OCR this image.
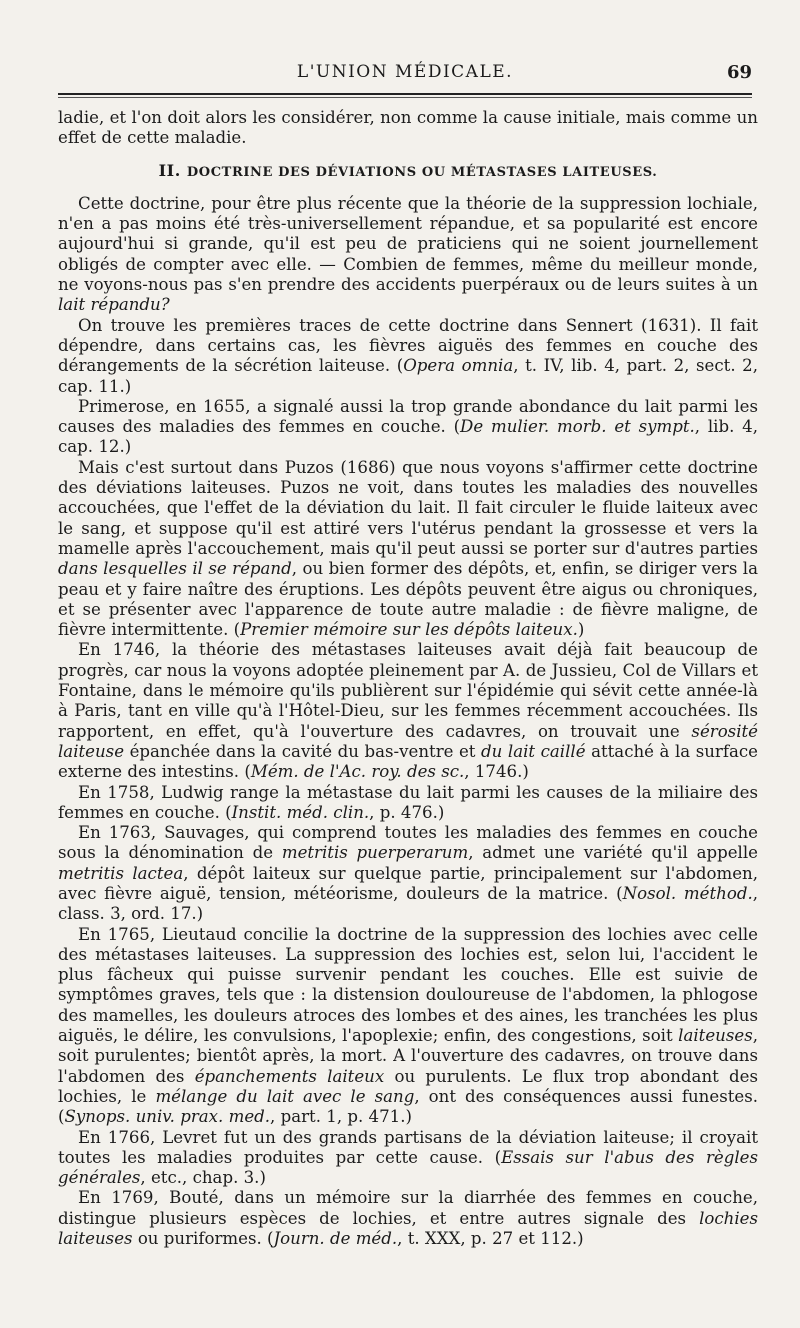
L'UNION MÉDICALE.	69

ladie, et l'on doit alors les considérer, non comme la cause initiale, mais comme un effet de cette maladie.

II. DOCTRINE DES DÉVIATIONS OU MÉTASTASES LAITEUSES.

Cette doctrine, pour être plus récente que la théorie de la suppression lochiale, n'en a pas moins été très-universellement répandue, et sa popularité est encore aujourd'hui si grande, qu'il est peu de praticiens qui ne soient journellement obligés de compter avec elle. — Combien de femmes, même du meilleur monde, ne voyons-nous pas s'en prendre des accidents puerpéraux ou de leurs suites à un lait répandu?

On trouve les premières traces de cette doctrine dans Sennert (1631). Il fait dépendre, dans certains cas, les fièvres aiguës des femmes en couche des dérangements de la sécrétion laiteuse. (Opera omnia, t. IV, lib. 4, part. 2, sect. 2, cap. 11.)

Primerose, en 1655, a signalé aussi la trop grande abondance du lait parmi les causes des maladies des femmes en couche. (De mulier. morb. et sympt., lib. 4, cap. 12.)

Mais c'est surtout dans Puzos (1686) que nous voyons s'affirmer cette doctrine des déviations laiteuses. Puzos ne voit, dans toutes les maladies des nouvelles accouchées, que l'effet de la déviation du lait. Il fait circuler le fluide laiteux avec le sang, et suppose qu'il est attiré vers l'utérus pendant la grossesse et vers la mamelle après l'accouchement, mais qu'il peut aussi se porter sur d'autres parties dans lesquelles il se répand, ou bien former des dépôts, et, enfin, se diriger vers la peau et y faire naître des éruptions. Les dépôts peuvent être aigus ou chroniques, et se présenter avec l'apparence de toute autre maladie : de fièvre maligne, de fièvre intermittente. (Premier mémoire sur les dépôts laiteux.)

En 1746, la théorie des métastases laiteuses avait déjà fait beaucoup de progrès, car nous la voyons adoptée pleinement par A. de Jussieu, Col de Villars et Fontaine, dans le mémoire qu'ils publièrent sur l'épidémie qui sévit cette année-là à Paris, tant en ville qu'à l'Hôtel-Dieu, sur les femmes récemment accouchées. Ils rapportent, en effet, qu'à l'ouverture des cadavres, on trouvait une sérosité laiteuse épanchée dans la cavité du bas-ventre et du lait caillé attaché à la surface externe des intestins. (Mém. de l'Ac. roy. des sc., 1746.)

En 1758, Ludwig range la métastase du lait parmi les causes de la miliaire des femmes en couche. (Instit. méd. clin., p. 476.)

En 1763, Sauvages, qui comprend toutes les maladies des femmes en couche sous la dénomination de metritis puerperarum, admet une variété qu'il appelle metritis lactea, dépôt laiteux sur quelque partie, principalement sur l'abdomen, avec fièvre aiguë, tension, météorisme, douleurs de la matrice. (Nosol. méthod., class. 3, ord. 17.)

En 1765, Lieutaud concilie la doctrine de la suppression des lochies avec celle des métastases laiteuses. La suppression des lochies est, selon lui, l'accident le plus fâcheux qui puisse survenir pendant les couches. Elle est suivie de symptômes graves, tels que : la distension douloureuse de l'abdomen, la phlogose des mamelles, les douleurs atroces des lombes et des aines, les tranchées les plus aiguës, le délire, les convulsions, l'apoplexie; enfin, des congestions, soit laiteuses, soit purulentes; bientôt après, la mort. A l'ouverture des cadavres, on trouve dans l'abdomen des épanchements laiteux ou purulents. Le flux trop abondant des lochies, le mélange du lait avec le sang, ont des conséquences aussi funestes. (Synops. univ. prax. med., part. 1, p. 471.)

En 1766, Levret fut un des grands partisans de la déviation laiteuse; il croyait toutes les maladies produites par cette cause. (Essais sur l'abus des règles générales, etc., chap. 3.)

En 1769, Bouté, dans un mémoire sur la diarrhée des femmes en couche, distingue plusieurs espèces de lochies, et entre autres signale des lochies laiteuses ou puriformes. (Journ. de méd., t. XXX, p. 27 et 112.)
